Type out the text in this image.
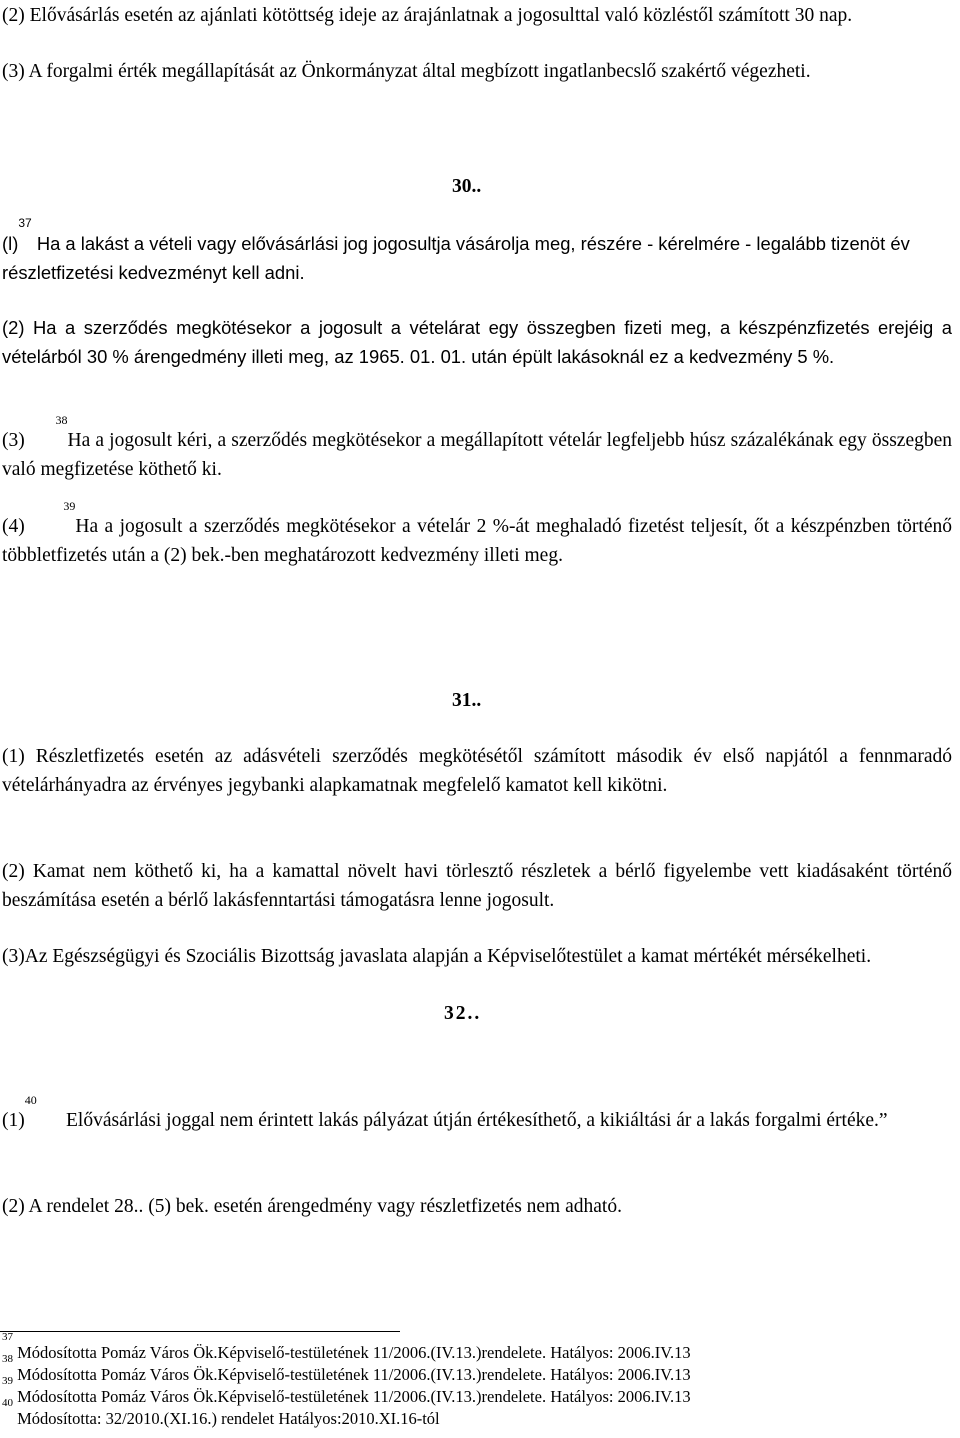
(2) Elővásárlás esetén az ajánlati kötöttség ideje az árajánlatnak a jogosulttal való közléstől számított 30 nap.

(3) A forgalmi érték megállapítását az Önkormányzat által megbízott ingatlanbecslő szakértő végezheti.

30..

$(l)^{37}$ Ha a lakást a vételi vagy elővásárlási jog jogosultja vásárolja meg, részére - kérelmére - legalább tizenöt év részletfizetési kedvezményt kell adni.

(2) Ha a szerződés megkötésekor a jogosult a vételárat egy összegben fizeti meg, a készpénzfizetés erejéig a vételárból 30 % árengedmény illeti meg, az 1965. 01. 01. után épült lakásoknál ez a kedvezmény 5 %.

(3)      $^{38}$Ha a jogosult kéri, a szerződés megkötésekor a megállapított vételár legfeljebb húsz százalékának egy összegben való megfizetése köthető ki.

(4)      $^{39}$Ha a jogosult a szerződés megkötésekor a vételár 2 %-át meghaladó fizetést teljesít, őt a készpénzben történő többletfizetés után a (2) bek.-ben meghatározott kedvezmény illeti meg.

31..

(1) Részletfizetés esetén az adásvételi szerződés megkötésétől számított második év első napjától a fennmaradó vételárhányadra az érvényes jegybanki alapkamatnak megfelelő kamatot kell kikötni.

(2) Kamat nem köthető ki, ha a kamattal növelt havi törlesztő részletek a bérlő figyelembe vett kiadásaként történő beszámítása esetén a bérlő lakásfenntartási támogatásra lenne jogosult.

(3)Az Egészségügyi és Szociális Bizottság javaslata alapján a Képviselőtestület a kamat mértékét mérsékelheti.

32..

$(1)^{40}$      Elővásárlási joggal nem érintett lakás pályázat útján értékesíthető, a kikiáltási ár a lakás forgalmi értéke.”

(2) A rendelet 28.. (5) bek. esetén árengedmény vagy részletfizetés nem adható.

$^{37}$ Módosította Pomáz Város Ök.Képviselő-testületének 11/2006.(IV.13.)rendelete. Hatályos: 2006.IV.13

$^{38}$ Módosította Pomáz Város Ök.Képviselő-testületének 11/2006.(IV.13.)rendelete. Hatályos: 2006.IV.13

$^{39}$ Módosította Pomáz Város Ök.Képviselő-testületének 11/2006.(IV.13.)rendelete. Hatályos: 2006.IV.13

$^{40}$ Módosította: 32/2010.(XI.16.) rendelet Hatályos:2010.XI.16-tól
